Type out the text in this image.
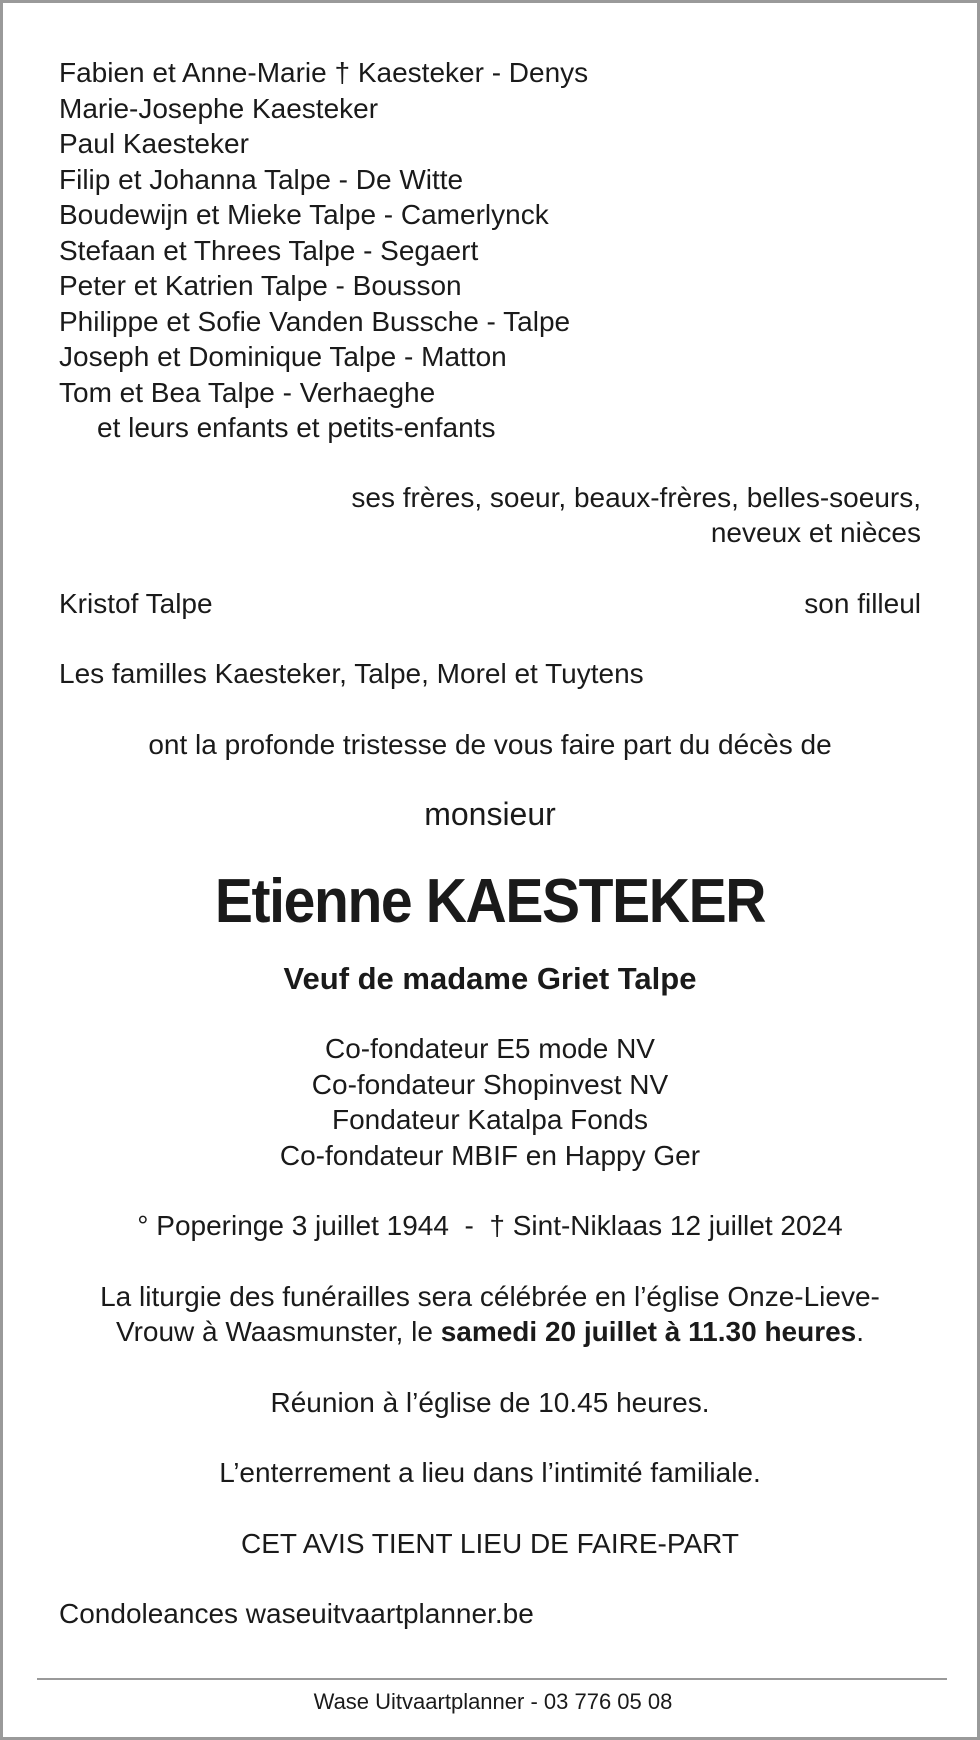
Fabien et Anne-Marie † Kaesteker - Denys
Marie-Josephe Kaesteker
Paul Kaesteker
Filip et Johanna Talpe - De Witte
Boudewijn et Mieke Talpe - Camerlynck
Stefaan et Threes Talpe - Segaert
Peter et Katrien Talpe - Bousson
Philippe et Sofie Vanden Bussche - Talpe
Joseph et Dominique Talpe - Matton
Tom et Bea Talpe - Verhaeghe
et leurs enfants et petits-enfants
ses frères, soeur, beaux-frères, belles-soeurs,
neveux et nièces
Kristof Talpe	son filleul
Les familles Kaesteker, Talpe, Morel et Tuytens
ont la profonde tristesse de vous faire part du décès de
monsieur
Etienne KAESTEKER
Veuf de madame Griet Talpe
Co-fondateur E5 mode NV
Co-fondateur Shopinvest NV
Fondateur Katalpa Fonds
Co-fondateur MBIF en Happy Ger
° Poperinge 3 juillet 1944  -  † Sint-Niklaas 12 juillet 2024
La liturgie des funérailles sera célébrée en l’église Onze-Lieve-
Vrouw à Waasmunster, le samedi 20 juillet à 11.30 heures.
Réunion à l’église de 10.45 heures.
L’enterrement a lieu dans l’intimité familiale.
CET AVIS TIENT LIEU DE FAIRE-PART
Condoleances waseuitvaartplanner.be
Wase Uitvaartplanner - 03 776 05 08
